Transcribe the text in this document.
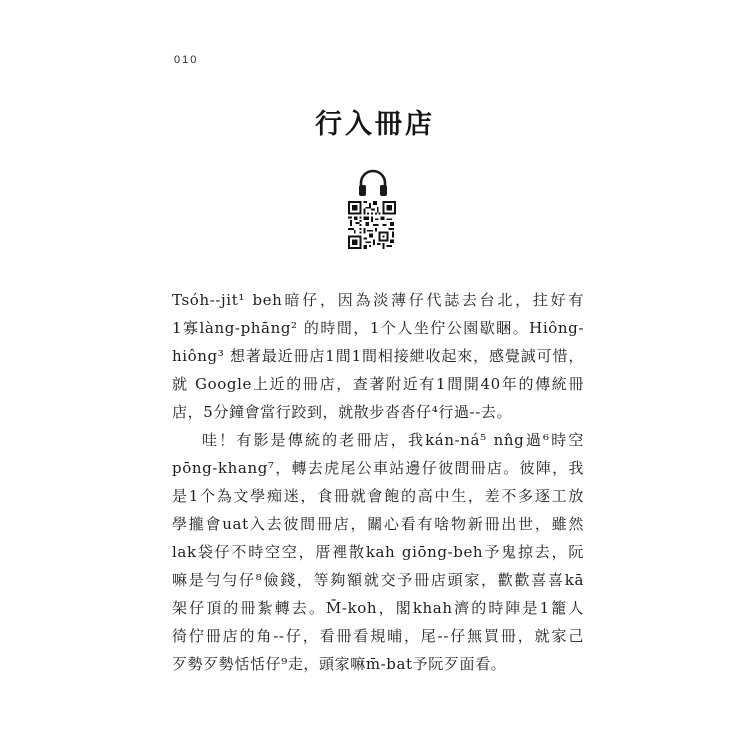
010
行入冊店
Tsóh--jit¹ beh暗仔，因為淡薄仔代誌去台北，拄好有
1寡làng-phāng² 的時間，1个人坐佇公園歇睏。Hiông-
hiông³ 想著最近冊店1間1間相接紲收起來，感覺誠可惜，
就 Google上近的冊店，查著附近有1間開40年的傳統冊
店，5分鐘會當行跤到，就散步沓沓仔⁴行過--去。
哇！有影是傳統的老冊店，我kán-ná⁵ nn̂g過⁶時空
pōng-khang⁷，轉去虎尾公車站邊仔彼間冊店。彼陣，我
是1个為文學痴迷，食冊就會飽的高中生，差不多逐工放
學攏會uat入去彼間冊店，關心看有啥物新冊出世，雖然
lak袋仔不時空空，厝裡散kah giōng-beh予鬼掠去，阮
嘛是勻勻仔⁸儉錢，等夠額就交予冊店頭家，歡歡喜喜kā
架仔頂的冊紮轉去。M̄-koh，閣khah濟的時陣是1籠人
徛佇冊店的角--仔，看冊看規晡，尾--仔無買冊，就家己
歹勢歹勢恬恬仔⁹走，頭家嘛m̄-bat予阮歹面看。
